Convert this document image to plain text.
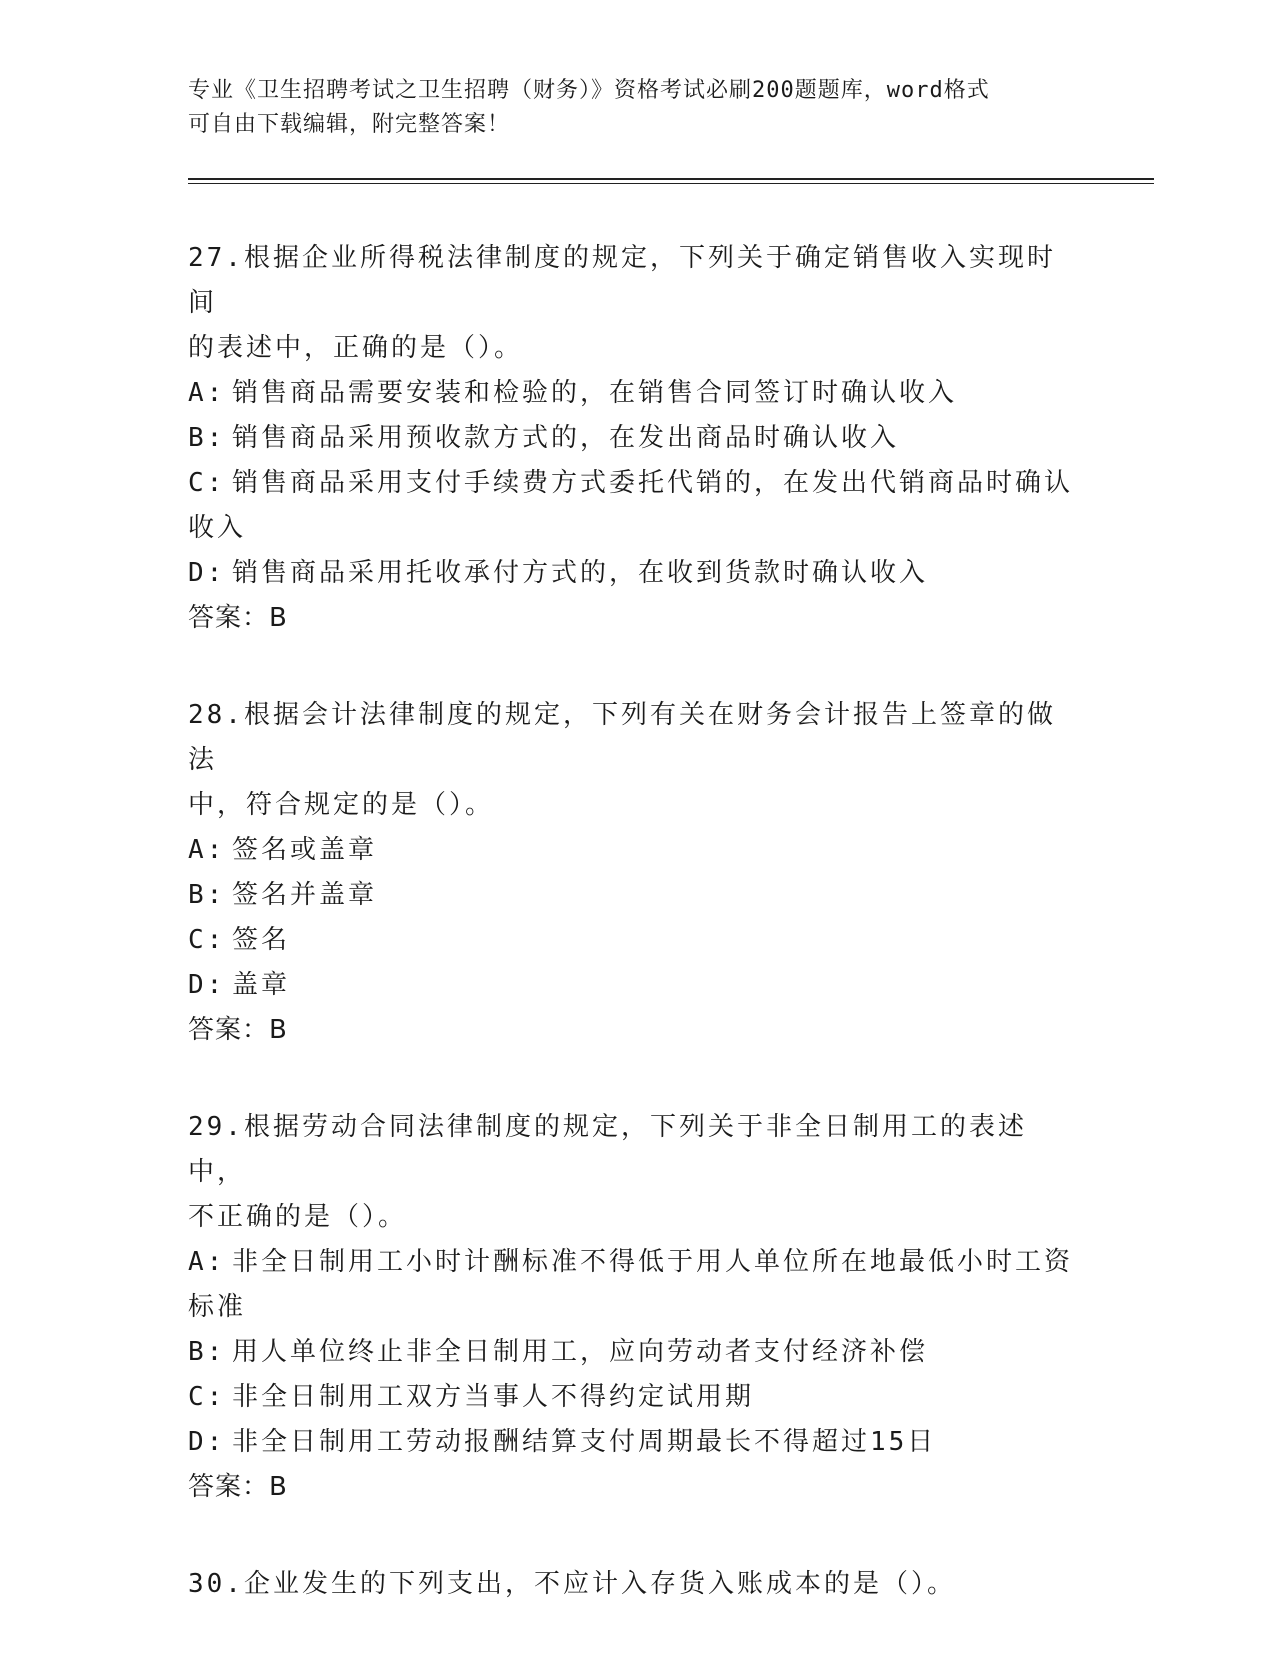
专业《卫生招聘考试之卫生招聘（财务）》资格考试必刷200题题库，word格式
可自由下载编辑，附完整答案！

27.根据企业所得税法律制度的规定，下列关于确定销售收入实现时间

的表述中，正确的是（）。

A: 销售商品需要安装和检验的，在销售合同签订时确认收入

B: 销售商品采用预收款方式的，在发出商品时确认收入

C: 销售商品采用支付手续费方式委托代销的，在发出代销商品时确认

收入

D: 销售商品采用托收承付方式的，在收到货款时确认收入

答案：B

28.根据会计法律制度的规定，下列有关在财务会计报告上签章的做法

中，符合规定的是（）。

A: 签名或盖章

B: 签名并盖章

C: 签名

D: 盖章

答案：B

29.根据劳动合同法律制度的规定，下列关于非全日制用工的表述中，

不正确的是（）。

A: 非全日制用工小时计酬标准不得低于用人单位所在地最低小时工资

标准

B: 用人单位终止非全日制用工，应向劳动者支付经济补偿

C: 非全日制用工双方当事人不得约定试用期

D: 非全日制用工劳动报酬结算支付周期最长不得超过15日

答案：B

30.企业发生的下列支出，不应计入存货入账成本的是（）。
